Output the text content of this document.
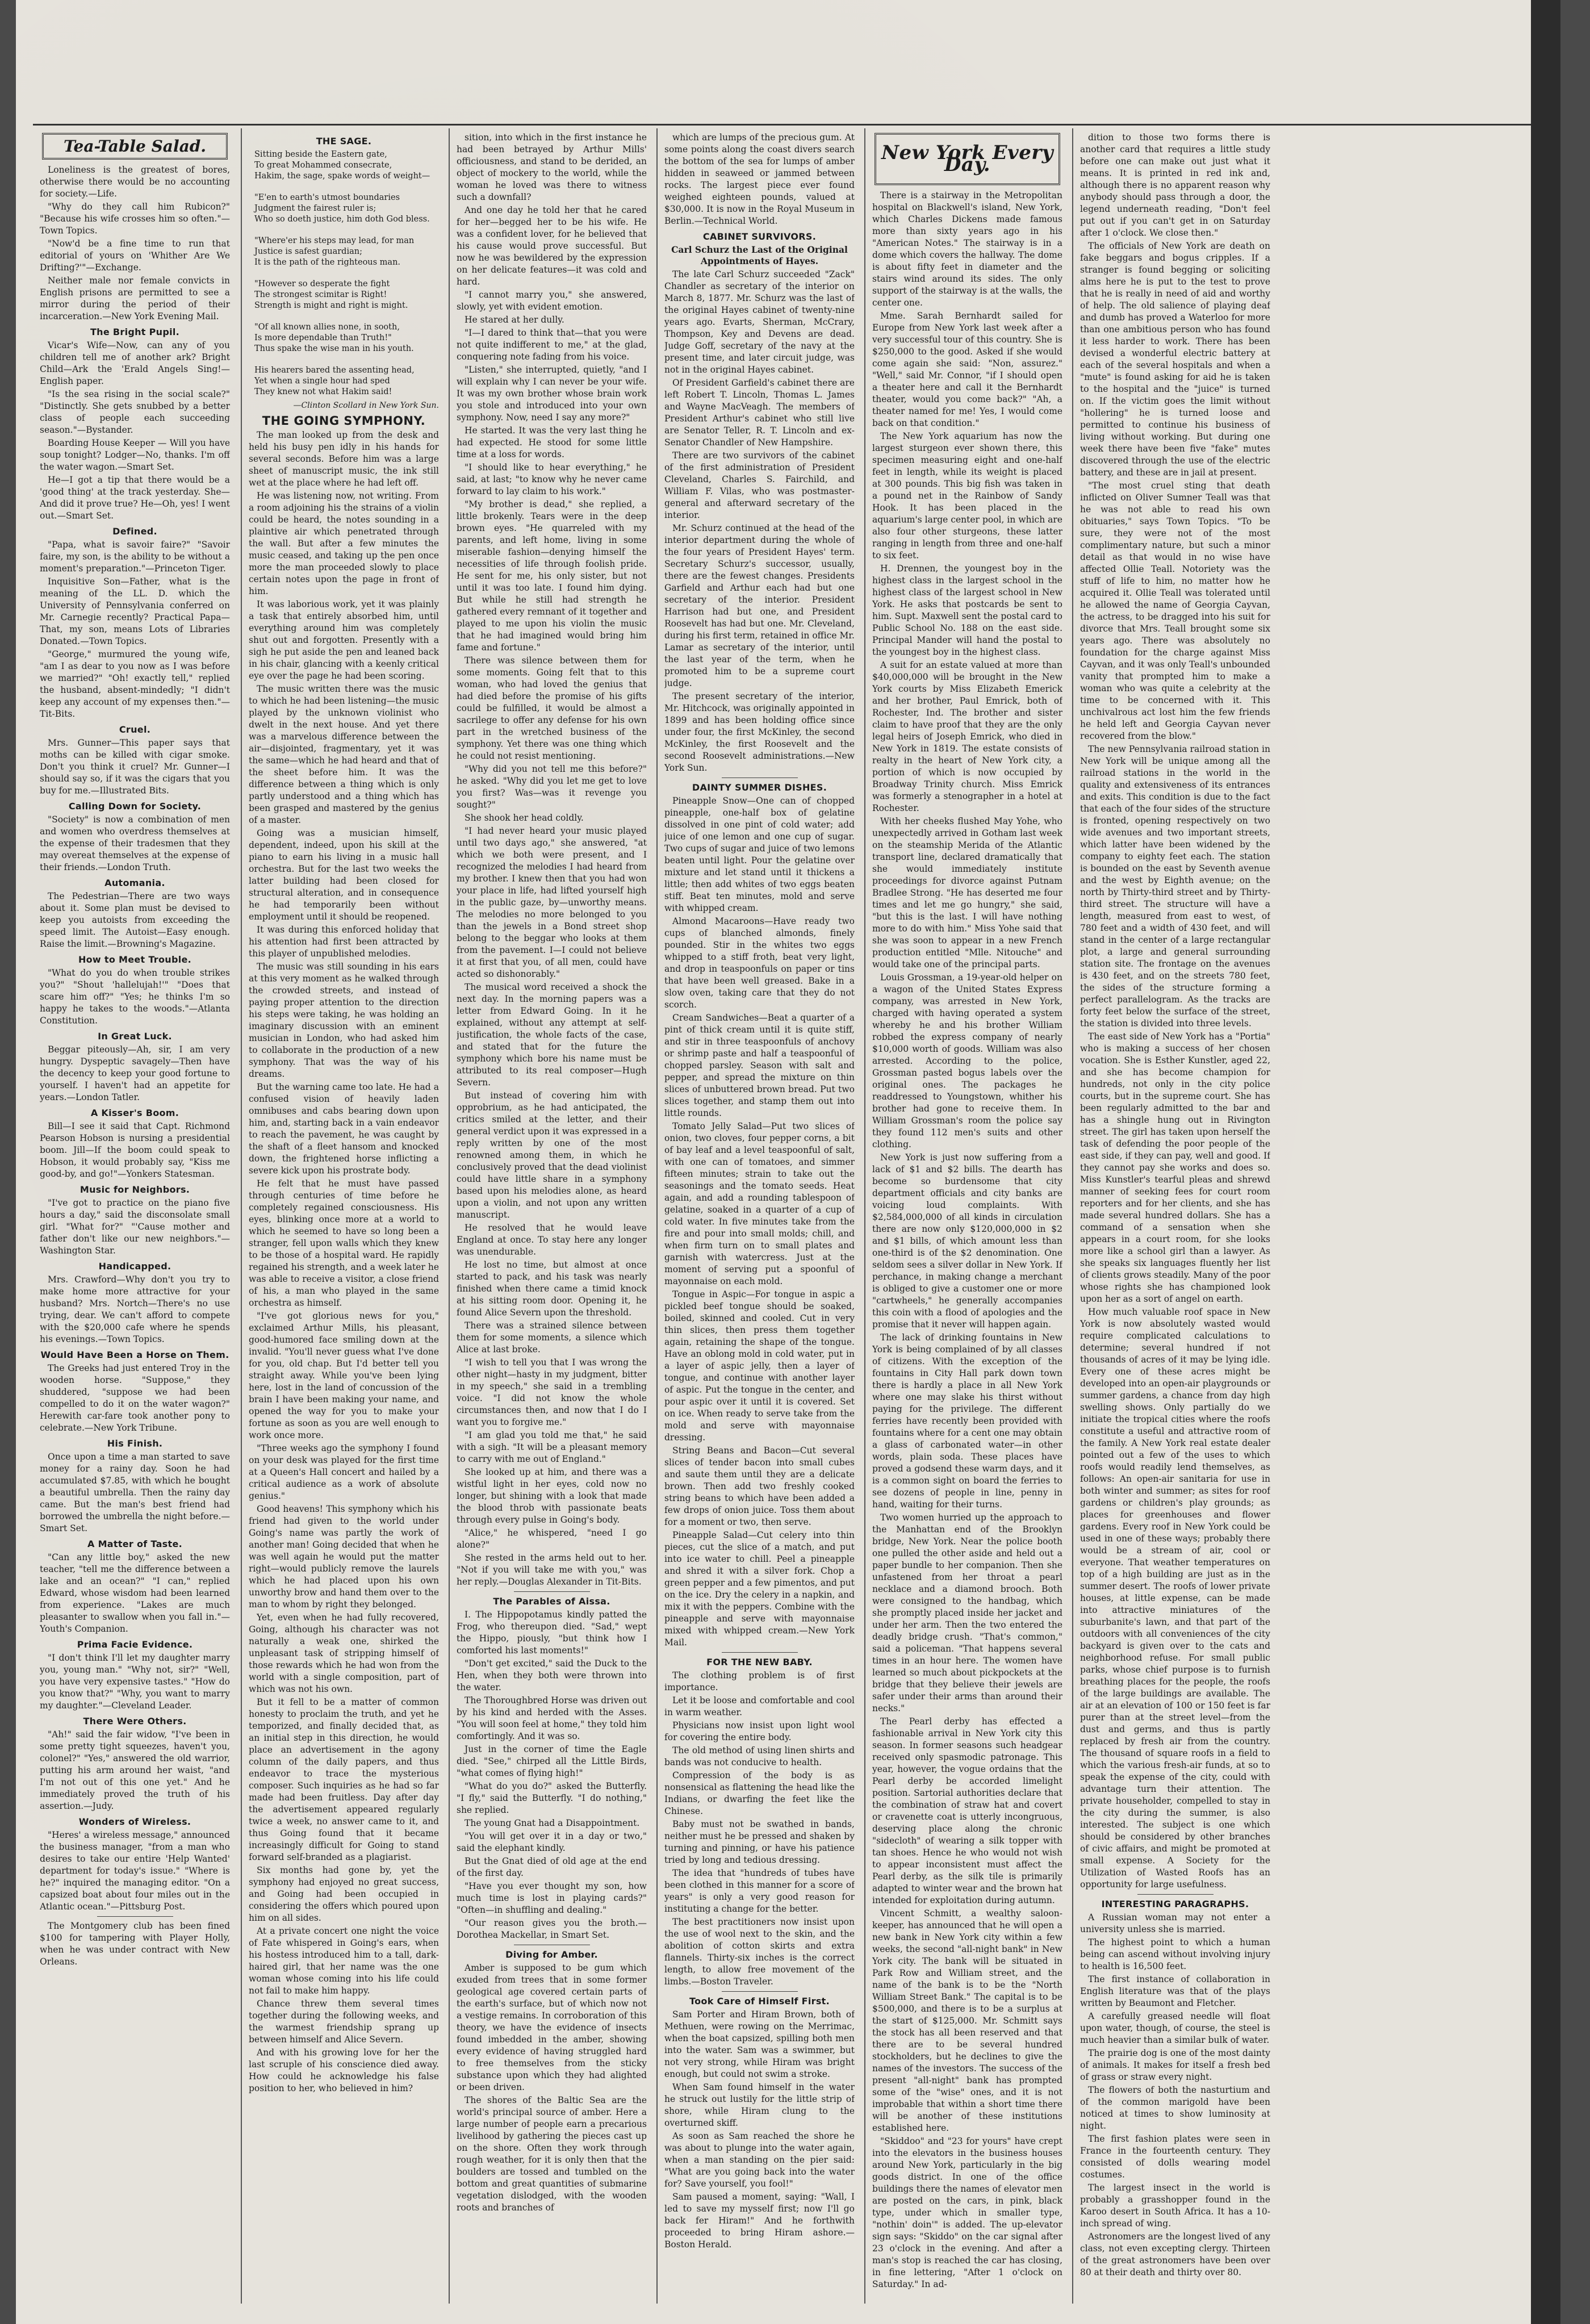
Tea-Table Salad.

Loneliness is the greatest of bores, otherwise there would be no accounting for society.—Life.

"Why do they call him Rubicon?" "Because his wife crosses him so often."—Town Topics.

"Now'd be a fine time to run that editorial of yours on 'Whither Are We Drifting?'"—Exchange.

Neither male nor female convicts in English prisons are permitted to see a mirror during the period of their incarceration.—New York Evening Mail.

The Bright Pupil.

Vicar's Wife—Now, can any of you children tell me of another ark? Bright Child—Ark the 'Erald Angels Sing!—English paper.

"Is the sea rising in the social scale?" "Distinctly. She gets snubbed by a better class of people each succeeding season."—Bystander.

Boarding House Keeper — Will you have soup tonight? Lodger—No, thanks. I'm off the water wagon.—Smart Set.

He—I got a tip that there would be a 'good thing' at the track yesterday. She—And did it prove true? He—Oh, yes! I went out.—Smart Set.

Defined.

"Papa, what is savoir faire?" "Savoir faire, my son, is the ability to be without a moment's preparation."—Princeton Tiger.

Inquisitive Son—Father, what is the meaning of the LL. D. which the University of Pennsylvania conferred on Mr. Carnegie recently? Practical Papa—That, my son, means Lots of Libraries Donated.—Town Topics.

"George," murmured the young wife, "am I as dear to you now as I was before we married?" "Oh! exactly tell," replied the husband, absent-mindedly; "I didn't keep any account of my expenses then."—Tit-Bits.

Cruel.

Mrs. Gunner—This paper says that moths can be killed with cigar smoke. Don't you think it cruel? Mr. Gunner—I should say so, if it was the cigars that you buy for me.—Illustrated Bits.

Calling Down for Society.

"Society" is now a combination of men and women who overdress themselves at the expense of their tradesmen that they may overeat themselves at the expense of their friends.—London Truth.

Automania.

The Pedestrian—There are two ways about it. Some plan must be devised to keep you autoists from exceeding the speed limit. The Autoist—Easy enough. Raise the limit.—Browning's Magazine.

How to Meet Trouble.

"What do you do when trouble strikes you?" "Shout 'hallelujah!'" "Does that scare him off?" "Yes; he thinks I'm so happy he takes to the woods."—Atlanta Constitution.

In Great Luck.

Beggar piteously—Ah, sir, I am very hungry. Dyspeptic savagely—Then have the decency to keep your good fortune to yourself. I haven't had an appetite for years.—London Tatler.

A Kisser's Boom.

Bill—I see it said that Capt. Richmond Pearson Hobson is nursing a presidential boom. Jill—If the boom could speak to Hobson, it would probably say, "Kiss me good-by, and go!"—Yonkers Statesman.

Music for Neighbors.

"I've got to practice on the piano five hours a day," said the disconsolate small girl. "What for?" "'Cause mother and father don't like our new neighbors."—Washington Star.

Handicapped.

Mrs. Crawford—Why don't you try to make home more attractive for your husband? Mrs. Nortch—There's no use trying, dear. We can't afford to compete with the $20,000 cafe where he spends his evenings.—Town Topics.

Would Have Been a Horse on Them.

The Greeks had just entered Troy in the wooden horse. "Suppose," they shuddered, "suppose we had been compelled to do it on the water wagon?" Herewith car-fare took another pony to celebrate.—New York Tribune.

His Finish.

Once upon a time a man started to save money for a rainy day. Soon he had accumulated $7.85, with which he bought a beautiful umbrella. Then the rainy day came. But the man's best friend had borrowed the umbrella the night before.—Smart Set.

A Matter of Taste.

"Can any little boy," asked the new teacher, "tell me the difference between a lake and an ocean?" "I can," replied Edward, whose wisdom had been learned from experience. "Lakes are much pleasanter to swallow when you fall in."—Youth's Companion.

Prima Facie Evidence.

"I don't think I'll let my daughter marry you, young man." "Why not, sir?" "Well, you have very expensive tastes." "How do you know that?" "Why, you want to marry my daughter."—Cleveland Leader.

There Were Others.

"Ah!" said the fair widow, "I've been in some pretty tight squeezes, haven't you, colonel?" "Yes," answered the old warrior, putting his arm around her waist, "and I'm not out of this one yet." And he immediately proved the truth of his assertion.—Judy.

Wonders of Wireless.

"Heres' a wireless message," announced the business manager, "from a man who desires to take our entire 'Help Wanted' department for today's issue." "Where is he?" inquired the managing editor. "On a capsized boat about four miles out in the Atlantic ocean."—Pittsburg Post.

The Montgomery club has been fined $100 for tampering with Player Holly, when he was under contract with New Orleans.

THE SAGE.
Sitting beside the Eastern gate,
To great Mohammed consecrate,
Hakim, the sage, spake words of weight—

"E'en to earth's utmost boundaries
Judgment the fairest ruler is;
Who so doeth justice, him doth God bless.

"Where'er his steps may lead, for man
Justice is safest guardian;
It is the path of the righteous man.

"However so desperate the fight
The strongest scimitar is Right!
Strength is might and right is might.

"Of all known allies none, in sooth,
Is more dependable than Truth!"
Thus spake the wise man in his youth.

His hearers bared the assenting head,
Yet when a single hour had sped
They knew not what Hakim said!
—Clinton Scollard in New York Sun.
THE GOING SYMPHONY.

The man looked up from the desk and held his busy pen idly in his hands for several seconds. Before him was a large sheet of manuscript music, the ink still wet at the place where he had left off.

He was listening now, not writing. From a room adjoining his the strains of a violin could be heard, the notes sounding in a plaintive air which penetrated through the wall. But after a few minutes the music ceased, and taking up the pen once more the man proceeded slowly to place certain notes upon the page in front of him.

It was laborious work, yet it was plainly a task that entirely absorbed him, until everything around him was completely shut out and forgotten. Presently with a sigh he put aside the pen and leaned back in his chair, glancing with a keenly critical eye over the page he had been scoring.

The music written there was the music to which he had been listening—the music played by the unknown violinist who dwelt in the next house. And yet there was a marvelous difference between the air—disjointed, fragmentary, yet it was the same—which he had heard and that of the sheet before him. It was the difference between a thing which is only partly understood and a thing which has been grasped and mastered by the genius of a master.

Going was a musician himself, dependent, indeed, upon his skill at the piano to earn his living in a music hall orchestra. But for the last two weeks the latter building had been closed for structural alteration, and in consequence he had temporarily been without employment until it should be reopened.

It was during this enforced holiday that his attention had first been attracted by this player of unpublished melodies.

The music was still sounding in his ears at this very moment as he walked through the crowded streets, and instead of paying proper attention to the direction his steps were taking, he was holding an imaginary discussion with an eminent musician in London, who had asked him to collaborate in the production of a new symphony. That was the way of his dreams.

But the warning came too late. He had a confused vision of heavily laden omnibuses and cabs bearing down upon him, and, starting back in a vain endeavor to reach the pavement, he was caught by the shaft of a fleet hansom and knocked down, the frightened horse inflicting a severe kick upon his prostrate body.

He felt that he must have passed through centuries of time before he completely regained consciousness. His eyes, blinking once more at a world to which he seemed to have so long been a stranger, fell upon walls which they knew to be those of a hospital ward. He rapidly regained his strength, and a week later he was able to receive a visitor, a close friend of his, a man who played in the same orchestra as himself.

"I've got glorious news for you," exclaimed Arthur Mills, his pleasant, good-humored face smiling down at the invalid. "You'll never guess what I've done for you, old chap. But I'd better tell you straight away. While you've been lying here, lost in the land of concussion of the brain I have been making your name, and opened the way for you to make your fortune as soon as you are well enough to work once more.

"Three weeks ago the symphony I found on your desk was played for the first time at a Queen's Hall concert and hailed by a critical audience as a work of absolute genius."

Good heavens! This symphony which his friend had given to the world under Going's name was partly the work of another man! Going decided that when he was well again he would put the matter right—would publicly remove the laurels which he had placed upon his own unworthy brow and hand them over to the man to whom by right they belonged.

Yet, even when he had fully recovered, Going, although his character was not naturally a weak one, shirked the unpleasant task of stripping himself of those rewards which he had won from the world with a single composition, part of which was not his own.

But it fell to be a matter of common honesty to proclaim the truth, and yet he temporized, and finally decided that, as an initial step in this direction, he would place an advertisement in the agony column of the daily papers, and thus endeavor to trace the mysterious composer. Such inquiries as he had so far made had been fruitless. Day after day the advertisement appeared regularly twice a week, no answer came to it, and thus Going found that it became increasingly difficult for Going to stand forward self-branded as a plagiarist.

Six months had gone by, yet the symphony had enjoyed no great success, and Going had been occupied in considering the offers which poured upon him on all sides.

At a private concert one night the voice of Fate whispered in Going's ears, when his hostess introduced him to a tall, dark-haired girl, that her name was the one woman whose coming into his life could not fail to make him happy.

Chance threw them several times together during the following weeks, and the warmest friendship sprang up between himself and Alice Severn.

And with his growing love for her the last scruple of his conscience died away. How could he acknowledge his false position to her, who believed in him?

sition, into which in the first instance he had been betrayed by Arthur Mills' officiousness, and stand to be derided, an object of mockery to the world, while the woman he loved was there to witness such a downfall?

And one day he told her that he cared for her—begged her to be his wife. He was a confident lover, for he believed that his cause would prove successful. But now he was bewildered by the expression on her delicate features—it was cold and hard.

"I cannot marry you," she answered, slowly, yet with evident emotion.

He stared at her dully.

"I—I dared to think that—that you were not quite indifferent to me," at the glad, conquering note fading from his voice.

"Listen," she interrupted, quietly, "and I will explain why I can never be your wife. It was my own brother whose brain work you stole and introduced into your own symphony. Now, need I say any more?"

He started. It was the very last thing he had expected. He stood for some little time at a loss for words.

"I should like to hear everything," he said, at last; "to know why he never came forward to lay claim to his work."

"My brother is dead," she replied, a little brokenly. Tears were in the deep brown eyes. "He quarreled with my parents, and left home, living in some miserable fashion—denying himself the necessities of life through foolish pride. He sent for me, his only sister, but not until it was too late. I found him dying. But while he still had strength he gathered every remnant of it together and played to me upon his violin the music that he had imagined would bring him fame and fortune."

There was silence between them for some moments. Going felt that to this woman, who had loved the genius that had died before the promise of his gifts could be fulfilled, it would be almost a sacrilege to offer any defense for his own part in the wretched business of the symphony. Yet there was one thing which he could not resist mentioning.

"Why did you not tell me this before?" he asked. "Why did you let me get to love you first? Was—was it revenge you sought?"

She shook her head coldly.

"I had never heard your music played until two days ago," she answered, "at which we both were present, and I recognized the melodies I had heard from my brother. I knew then that you had won your place in life, had lifted yourself high in the public gaze, by—unworthy means. The melodies no more belonged to you than the jewels in a Bond street shop belong to the beggar who looks at them from the pavement. I—I could not believe it at first that you, of all men, could have acted so dishonorably."

The musical word received a shock the next day. In the morning papers was a letter from Edward Going. In it he explained, without any attempt at self-justification, the whole facts of the case, and stated that for the future the symphony which bore his name must be attributed to its real composer—Hugh Severn.

But instead of covering him with opprobrium, as he had anticipated, the critics smiled at the letter, and their general verdict upon it was expressed in a reply written by one of the most renowned among them, in which he conclusively proved that the dead violinist could have little share in a symphony based upon his melodies alone, as heard upon a violin, and not upon any written manuscript.

He resolved that he would leave England at once. To stay here any longer was unendurable.

He lost no time, but almost at once started to pack, and his task was nearly finished when there came a timid knock at his sitting room door. Opening it, he found Alice Severn upon the threshold.

There was a strained silence between them for some moments, a silence which Alice at last broke.

"I wish to tell you that I was wrong the other night—hasty in my judgment, bitter in my speech," she said in a trembling voice. "I did not know the whole circumstances then, and now that I do I want you to forgive me."

"I am glad you told me that," he said with a sigh. "It will be a pleasant memory to carry with me out of England."

She looked up at him, and there was a wistful light in her eyes, cold now no longer, but shining with a look that made the blood throb with passionate beats through every pulse in Going's body.

"Alice," he whispered, "need I go alone?"

She rested in the arms held out to her. "Not if you will take me with you," was her reply.—Douglas Alexander in Tit-Bits.

The Parables of Aissa.

I. The Hippopotamus kindly patted the Frog, who thereupon died. "Sad," wept the Hippo, piously, "but think how I comforted his last moments!"

"Don't get excited," said the Duck to the Hen, when they both were thrown into the water.

The Thoroughbred Horse was driven out by his kind and herded with the Asses. "You will soon feel at home," they told him comfortingly. And it was so.

Just in the corner of time the Eagle died. "See," chirped all the Little Birds, "what comes of flying high!"

"What do you do?" asked the Butterfly. "I fly," said the Butterfly. "I do nothing," she replied.

The young Gnat had a Disappointment.

"You will get over it in a day or two," said the elephant kindly.

But the Gnat died of old age at the end of the first day.

"Have you ever thought my son, how much time is lost in playing cards?" "Often—in shuffling and dealing."

"Our reason gives you the broth.—Dorothea Mackellar, in Smart Set.

Diving for Amber.

Amber is supposed to be gum which exuded from trees that in some former geological age covered certain parts of the earth's surface, but of which now not a vestige remains. In corroboration of this theory, we have the evidence of insects found imbedded in the amber, showing every evidence of having struggled hard to free themselves from the sticky substance upon which they had alighted or been driven.

The shores of the Baltic Sea are the world's principal source of amber. Here a large number of people earn a precarious livelihood by gathering the pieces cast up on the shore. Often they work through rough weather, for it is only then that the boulders are tossed and tumbled on the bottom and great quantities of submarine vegetation dislodged, with the wooden roots and branches of

which are lumps of the precious gum. At some points along the coast divers search the bottom of the sea for lumps of amber hidden in seaweed or jammed between rocks. The largest piece ever found weighed eighteen pounds, valued at $30,000. It is now in the Royal Museum in Berlin.—Technical World.

CABINET SURVIVORS.
Carl Schurz the Last of the Original Appointments of Hayes.

The late Carl Schurz succeeded "Zack" Chandler as secretary of the interior on March 8, 1877. Mr. Schurz was the last of the original Hayes cabinet of twenty-nine years ago. Evarts, Sherman, McCrary, Thompson, Key and Devens are dead. Judge Goff, secretary of the navy at the present time, and later circuit judge, was not in the original Hayes cabinet.

Of President Garfield's cabinet there are left Robert T. Lincoln, Thomas L. James and Wayne MacVeagh. The members of President Arthur's cabinet who still live are Senator Teller, R. T. Lincoln and ex-Senator Chandler of New Hampshire.

There are two survivors of the cabinet of the first administration of President Cleveland, Charles S. Fairchild, and William F. Vilas, who was postmaster-general and afterward secretary of the interior.

Mr. Schurz continued at the head of the interior department during the whole of the four years of President Hayes' term. Secretary Schurz's successor, usually, there are the fewest changes. Presidents Garfield and Arthur each had but one secretary of the interior. President Harrison had but one, and President Roosevelt has had but one. Mr. Cleveland, during his first term, retained in office Mr. Lamar as secretary of the interior, until the last year of the term, when he promoted him to be a supreme court judge.

The present secretary of the interior, Mr. Hitchcock, was originally appointed in 1899 and has been holding office since under four, the first McKinley, the second McKinley, the first Roosevelt and the second Roosevelt administrations.—New York Sun.

DAINTY SUMMER DISHES.

Pineapple Snow—One can of chopped pineapple, one-half box of gelatine dissolved in one pint of cold water; add juice of one lemon and one cup of sugar. Two cups of sugar and juice of two lemons beaten until light. Pour the gelatine over mixture and let stand until it thickens a little; then add whites of two eggs beaten stiff. Beat ten minutes, mold and serve with whipped cream.

Almond Macaroons—Have ready two cups of blanched almonds, finely pounded. Stir in the whites two eggs whipped to a stiff froth, beat very light, and drop in teaspoonfuls on paper or tins that have been well greased. Bake in a slow oven, taking care that they do not scorch.

Cream Sandwiches—Beat a quarter of a pint of thick cream until it is quite stiff, and stir in three teaspoonfuls of anchovy or shrimp paste and half a teaspoonful of chopped parsley. Season with salt and pepper, and spread the mixture on thin slices of unbuttered brown bread. Put two slices together, and stamp them out into little rounds.

Tomato Jelly Salad—Put two slices of onion, two cloves, four pepper corns, a bit of bay leaf and a level teaspoonful of salt, with one can of tomatoes, and simmer fifteen minutes; strain to take out the seasonings and the tomato seeds. Heat again, and add a rounding tablespoon of gelatine, soaked in a quarter of a cup of cold water. In five minutes take from the fire and pour into small molds; chill, and when firm turn on to small plates and garnish with watercress. Just at the moment of serving put a spoonful of mayonnaise on each mold.

Tongue in Aspic—For tongue in aspic a pickled beef tongue should be soaked, boiled, skinned and cooled. Cut in very thin slices, then press them together again, retaining the shape of the tongue. Have an oblong mold in cold water, put in a layer of aspic jelly, then a layer of tongue, and continue with another layer of aspic. Put the tongue in the center, and pour aspic over it until it is covered. Set on ice. When ready to serve take from the mold and serve with mayonnaise dressing.

String Beans and Bacon—Cut several slices of tender bacon into small cubes and saute them until they are a delicate brown. Then add two freshly cooked string beans to which have been added a few drops of onion juice. Toss them about for a moment or two, then serve.

Pineapple Salad—Cut celery into thin pieces, cut the slice of a match, and put into ice water to chill. Peel a pineapple and shred it with a silver fork. Chop a green pepper and a few pimentos, and put on the ice. Dry the celery in a napkin, and mix it with the peppers. Combine with the pineapple and serve with mayonnaise mixed with whipped cream.—New York Mail.

FOR THE NEW BABY.

The clothing problem is of first importance.

Let it be loose and comfortable and cool in warm weather.

Physicians now insist upon light wool for covering the entire body.

The old method of using linen shirts and bands was not conducive to health.

Compression of the body is as nonsensical as flattening the head like the Indians, or dwarfing the feet like the Chinese.

Baby must not be swathed in bands, neither must he be pressed and shaken by turning and pinning, or have his patience tried by long and tedious dressing.

The idea that "hundreds of tubes have been clothed in this manner for a score of years" is only a very good reason for instituting a change for the better.

The best practitioners now insist upon the use of wool next to the skin, and the abolition of cotton skirts and extra flannels. Thirty-six inches is the correct length, to allow free movement of the limbs.—Boston Traveler.

Took Care of Himself First.

Sam Porter and Hiram Brown, both of Methuen, were rowing on the Merrimac, when the boat capsized, spilling both men into the water. Sam was a swimmer, but not very strong, while Hiram was bright enough, but could not swim a stroke.

When Sam found himself in the water he struck out lustily for the little strip of shore, while Hiram clung to the overturned skiff.

As soon as Sam reached the shore he was about to plunge into the water again, when a man standing on the pier said: "What are you going back into the water for? Save yourself, you fool!"

Sam paused a moment, saying: "Wall, I led to save my mysself first; now I'll go back fer Hiram!" And he forthwith proceeded to bring Hiram ashore.—Boston Herald.

New York Every Day.

There is a stairway in the Metropolitan hospital on Blackwell's island, New York, which Charles Dickens made famous more than sixty years ago in his "American Notes." The stairway is in a dome which covers the hallway. The dome is about fifty feet in diameter and the stairs wind around its sides. The only support of the stairway is at the walls, the center one.

Mme. Sarah Bernhardt sailed for Europe from New York last week after a very successful tour of this country. She is $250,000 to the good. Asked if she would come again she said: "Non, assurez." "Well," said Mr. Connor, "if I should open a theater here and call it the Bernhardt theater, would you come back?" "Ah, a theater named for me! Yes, I would come back on that condition."

The New York aquarium has now the largest sturgeon ever shown there, this specimen measuring eight and one-half feet in length, while its weight is placed at 300 pounds. This big fish was taken in a pound net in the Rainbow of Sandy Hook. It has been placed in the aquarium's large center pool, in which are also four other sturgeons, these latter ranging in length from three and one-half to six feet.

H. Drennen, the youngest boy in the highest class in the largest school in the highest class of the largest school in New York. He asks that postcards be sent to him. Supt. Maxwell sent the postal card to Public School No. 188 on the east side. Principal Mander will hand the postal to the youngest boy in the highest class.

A suit for an estate valued at more than $40,000,000 will be brought in the New York courts by Miss Elizabeth Emerick and her brother, Paul Emrick, both of Rochester, Ind. The brother and sister claim to have proof that they are the only legal heirs of Joseph Emrick, who died in New York in 1819. The estate consists of realty in the heart of New York city, a portion of which is now occupied by Broadway Trinity church. Miss Emrick was formerly a stenographer in a hotel at Rochester.

With her cheeks flushed May Yohe, who unexpectedly arrived in Gotham last week on the steamship Merida of the Atlantic transport line, declared dramatically that she would immediately institute proceedings for divorce against Putnam Bradlee Strong. "He has deserted me four times and let me go hungry," she said, "but this is the last. I will have nothing more to do with him." Miss Yohe said that she was soon to appear in a new French production entitled "Mlle. Nitouche" and would take one of the principal parts.

Louis Grossman, a 19-year-old helper on a wagon of the United States Express company, was arrested in New York, charged with having operated a system whereby he and his brother William robbed the express company of nearly $10,000 worth of goods. William was also arrested. According to the police, Grossman pasted bogus labels over the original ones. The packages he readdressed to Youngstown, whither his brother had gone to receive them. In William Grossman's room the police say they found 112 men's suits and other clothing.

New York is just now suffering from a lack of $1 and $2 bills. The dearth has become so burdensome that city department officials and city banks are voicing loud complaints. With $2,584,000,000 of all kinds in circulation there are now only $120,000,000 in $2 and $1 bills, of which amount less than one-third is of the $2 denomination. One seldom sees a silver dollar in New York. If perchance, in making change a merchant is obliged to give a customer one or more "cartwheels," he generally accompanies this coin with a flood of apologies and the promise that it never will happen again.

The lack of drinking fountains in New York is being complained of by all classes of citizens. With the exception of the fountains in City Hall park down town there is hardly a place in all New York where one may slake his thirst without paying for the privilege. The different ferries have recently been provided with fountains where for a cent one may obtain a glass of carbonated water—in other words, plain soda. These places have proved a godsend these warm days, and it is a common sight on board the ferries to see dozens of people in line, penny in hand, waiting for their turns.

Two women hurried up the approach to the Manhattan end of the Brooklyn bridge, New York. Near the police booth one pulled the other aside and held out a paper bundle to her companion. Then she unfastened from her throat a pearl necklace and a diamond brooch. Both were consigned to the handbag, which she promptly placed inside her jacket and under her arm. Then the two entered the deadly bridge crush. "That's common," said a policeman. "That happens several times in an hour here. The women have learned so much about pickpockets at the bridge that they believe their jewels are safer under their arms than around their necks."

The Pearl derby has effected a fashionable arrival in New York city this season. In former seasons such headgear received only spasmodic patronage. This year, however, the vogue ordains that the Pearl derby be accorded limelight position. Sartorial authorities declare that the combination of straw hat and covert or cravenette coat is utterly incongruous, deserving place along the chronic "sidecloth" of wearing a silk topper with tan shoes. Hence he who would not wish to appear inconsistent must affect the Pearl derby, as the silk tile is primarily adapted to winter wear and the brown hat intended for exploitation during autumn.

Vincent Schmitt, a wealthy saloon-keeper, has announced that he will open a new bank in New York city within a few weeks, the second "all-night bank" in New York city. The bank will be situated in Park Row and William street, and the name of the bank is to be the "North William Street Bank." The capital is to be $500,000, and there is to be a surplus at the start of $125,000. Mr. Schmitt says the stock has all been reserved and that there are to be several hundred stockholders, but he declines to give the names of the investors. The success of the present "all-night" bank has prompted some of the "wise" ones, and it is not improbable that within a short time there will be another of these institutions established here.

"Skiddoo" and "23 for yours" have crept into the elevators in the business houses around New York, particularly in the big goods district. In one of the office buildings there the names of elevator men are posted on the cars, in pink, black type, under which in smaller type, "nothin' doin'" is added. The up-elevator sign says: "Skiddo" on the car signal after 23 o'clock in the evening. And after a man's stop is reached the car has closing, in fine lettering, "After 1 o'clock on Saturday." In ad-

dition to those two forms there is another card that requires a little study before one can make out just what it means. It is printed in red ink and, although there is no apparent reason why anybody should pass through a door, the legend underneath reading, "Don't feel put out if you can't get in on Saturday after 1 o'clock. We close then."

The officials of New York are death on fake beggars and bogus cripples. If a stranger is found begging or soliciting alms here he is put to the test to prove that he is really in need of aid and worthy of help. The old salience of playing deaf and dumb has proved a Waterloo for more than one ambitious person who has found it less harder to work. There has been devised a wonderful electric battery at each of the several hospitals and when a "mute" is found asking for aid he is taken to the hospital and the "juice" is turned on. If the victim goes the limit without "hollering" he is turned loose and permitted to continue his business of living without working. But during one week there have been five "fake" mutes discovered through the use of the electric battery, and these are in jail at present.

"The most cruel sting that death inflicted on Oliver Sumner Teall was that he was not able to read his own obituaries," says Town Topics. "To be sure, they were not of the most complimentary nature, but such a minor detail as that would in no wise have affected Ollie Teall. Notoriety was the stuff of life to him, no matter how he acquired it. Ollie Teall was tolerated until he allowed the name of Georgia Cayvan, the actress, to be dragged into his suit for divorce that Mrs. Teall brought some six years ago. There was absolutely no foundation for the charge against Miss Cayvan, and it was only Teall's unbounded vanity that prompted him to make a woman who was quite a celebrity at the time to be concerned with it. This unchivalrous act lost him the few friends he held left and Georgia Cayvan never recovered from the blow."

The new Pennsylvania railroad station in New York will be unique among all the railroad stations in the world in the quality and extensiveness of its entrances and exits. This condition is due to the fact that each of the four sides of the structure is fronted, opening respectively on two wide avenues and two important streets, which latter have been widened by the company to eighty feet each. The station is bounded on the east by Seventh avenue and the west by Eighth avenue; on the north by Thirty-third street and by Thirty-third street. The structure will have a length, measured from east to west, of 780 feet and a width of 430 feet, and will stand in the center of a large rectangular plot, a large and general surrounding station site. The frontage on the avenues is 430 feet, and on the streets 780 feet, the sides of the structure forming a perfect parallelogram. As the tracks are forty feet below the surface of the street, the station is divided into three levels.

The east side of New York has a "Portia" who is making a success of her chosen vocation. She is Esther Kunstler, aged 22, and she has become champion for hundreds, not only in the city police courts, but in the supreme court. She has been regularly admitted to the bar and has a shingle hung out in Rivington street. The girl has taken upon herself the task of defending the poor people of the east side, if they can pay, well and good. If they cannot pay she works and does so. Miss Kunstler's tearful pleas and shrewd manner of seeking fees for court room reporters and for her clients, and she has made several hundred dollars. She has a command of a sensation when she appears in a court room, for she looks more like a school girl than a lawyer. As she speaks six languages fluently her list of clients grows steadily. Many of the poor whose rights she has championed look upon her as a sort of angel on earth.

How much valuable roof space in New York is now absolutely wasted would require complicated calculations to determine; several hundred if not thousands of acres of it may be lying idle. Every one of these acres might be developed into an open-air playgrounds or summer gardens, a chance from day high swelling shows. Only partially do we initiate the tropical cities where the roofs constitute a useful and attractive room of the family. A New York real estate dealer pointed out a few of the uses to which roofs would readily lend themselves, as follows: An open-air sanitaria for use in both winter and summer; as sites for roof gardens or children's play grounds; as places for greenhouses and flower gardens. Every roof in New York could be used in one of these ways; probably there would be a stream of air, cool or everyone. That weather temperatures on top of a high building are just as in the summer desert. The roofs of lower private houses, at little expense, can be made into attractive miniatures of the suburbanite's lawn, and that part of the outdoors with all conveniences of the city backyard is given over to the cats and neighborhood refuse. For small public parks, whose chief purpose is to furnish breathing places for the people, the roofs of the large buildings are available. The air at an elevation of 100 or 150 feet is far purer than at the street level—from the dust and germs, and thus is partly replaced by fresh air from the country. The thousand of square roofs in a field to which the various fresh-air funds, at so to speak the expense of the city, could with advantage turn their attention. The private householder, compelled to stay in the city during the summer, is also interested. The subject is one which should be considered by other branches of civic affairs, and might be promoted at small expense. A Society for the Utilization of Wasted Roofs has an opportunity for large usefulness.

INTERESTING PARAGRAPHS.

A Russian woman may not enter a university unless she is married.

The highest point to which a human being can ascend without involving injury to health is 16,500 feet.

The first instance of collaboration in English literature was that of the plays written by Beaumont and Fletcher.

A carefully greased needle will float upon water, though, of course, the steel is much heavier than a similar bulk of water.

The prairie dog is one of the most dainty of animals. It makes for itself a fresh bed of grass or straw every night.

The flowers of both the nasturtium and of the common marigold have been noticed at times to show luminosity at night.

The first fashion plates were seen in France in the fourteenth century. They consisted of dolls wearing model costumes.

The largest insect in the world is probably a grasshopper found in the Karoo desert in South Africa. It has a 10-inch spread of wing.

Astronomers are the longest lived of any class, not even excepting clergy. Thirteen of the great astronomers have been over 80 at their death and thirty over 80.
